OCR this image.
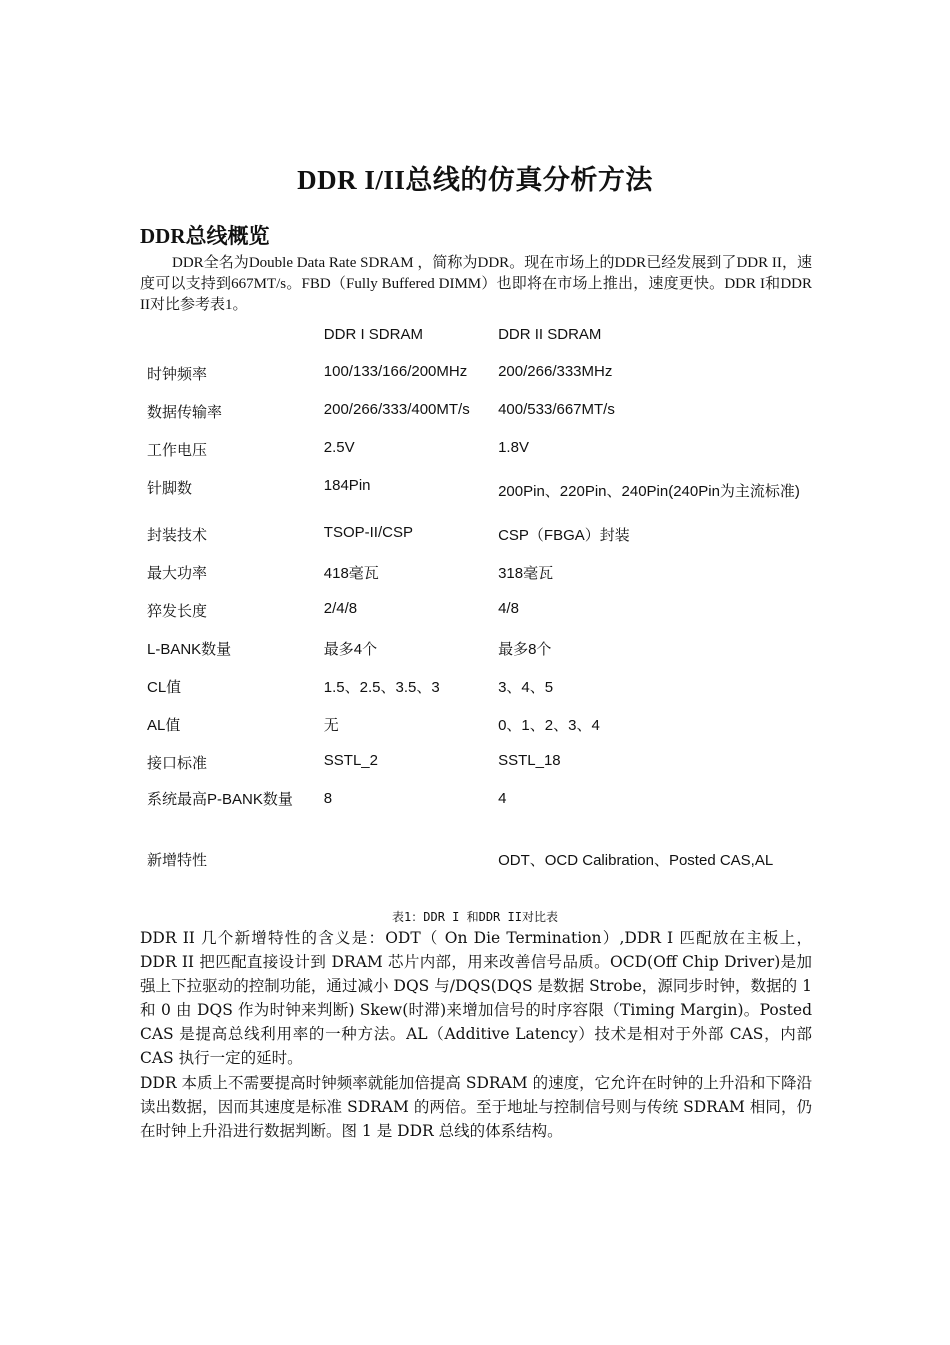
DDR I/II总线的仿真分析方法
DDR总线概览
DDR全名为Double Data Rate SDRAM ，简称为DDR。现在市场上的DDR已经发展到了DDR II，速度可以支持到667MT/s。FBD（Fully Buffered DIMM）也即将在市场上推出，速度更快。DDR I和DDR II对比参考表1。
	DDR I SDRAM	DDR II SDRAM
时钟频率	100/133/166/200MHz	200/266/333MHz
数据传输率	200/266/333/400MT/s	400/533/667MT/s
工作电压	2.5V	1.8V
针脚数	184Pin	200Pin、220Pin、240Pin(240Pin为主流标准)
封装技术	TSOP-II/CSP	CSP（FBGA）封装
最大功率	418毫瓦	318毫瓦
猝发长度	2/4/8	4/8
L-BANK数量	最多4个	最多8个
CL值	1.5、2.5、3.5、3	3、4、5
AL值	无	0、1、2、3、4
接口标准	SSTL_2	SSTL_18
系统最高P-BANK数量	8	4
新增特性		ODT、OCD Calibration、Posted CAS,AL
表1：DDR I 和DDR II对比表
DDR II 几个新增特性的含义是：ODT（ On Die Termination）,DDR I 匹配放在主板上，DDR II 把匹配直接设计到 DRAM 芯片内部，用来改善信号品质。OCD(Off Chip Driver)是加强上下拉驱动的控制功能，通过减小 DQS 与/DQS(DQS 是数据 Strobe，源同步时钟，数据的 1 和 0 由 DQS 作为时钟来判断) Skew(时滞)来增加信号的时序容限（Timing Margin)。Posted CAS 是提高总线利用率的一种方法。AL（Additive Latency）技术是相对于外部 CAS，内部 CAS 执行一定的延时。
DDR 本质上不需要提高时钟频率就能加倍提高 SDRAM 的速度，它允许在时钟的上升沿和下降沿读出数据，因而其速度是标准 SDRAM 的两倍。至于地址与控制信号则与传统 SDRAM 相同，仍在时钟上升沿进行数据判断。图 1 是 DDR 总线的体系结构。
